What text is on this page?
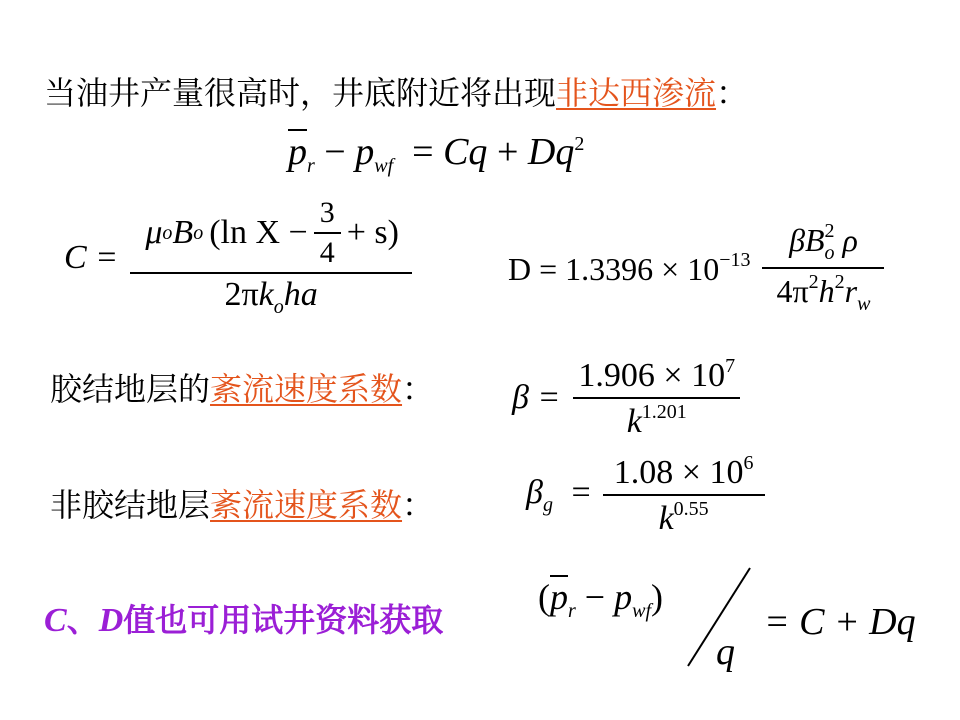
当油井产量很高时，井底附近将出现非达西渗流：
$p_r - p_{wf} = Cq + Dq^2$
C =
μ o B o (ln $X - \frac{3}{4} + s$)
$2\pi k_oha$
$D = 1.3396 \times 10^{-13} \frac{\beta B^2_o \rho}{4\pi^2h^2r_w}$
胶结地层的紊流速度系数： $\beta = \frac{1.906 \times 10^7}{k^{1.201}}$
非胶结地层紊流速度系数：	$\beta_g = \frac{1.08 \times 10^6}{k^{0.55}}$
C、D值也可用试井资料获取
$(p_r - p_{wf})$
q
= C + Dq
